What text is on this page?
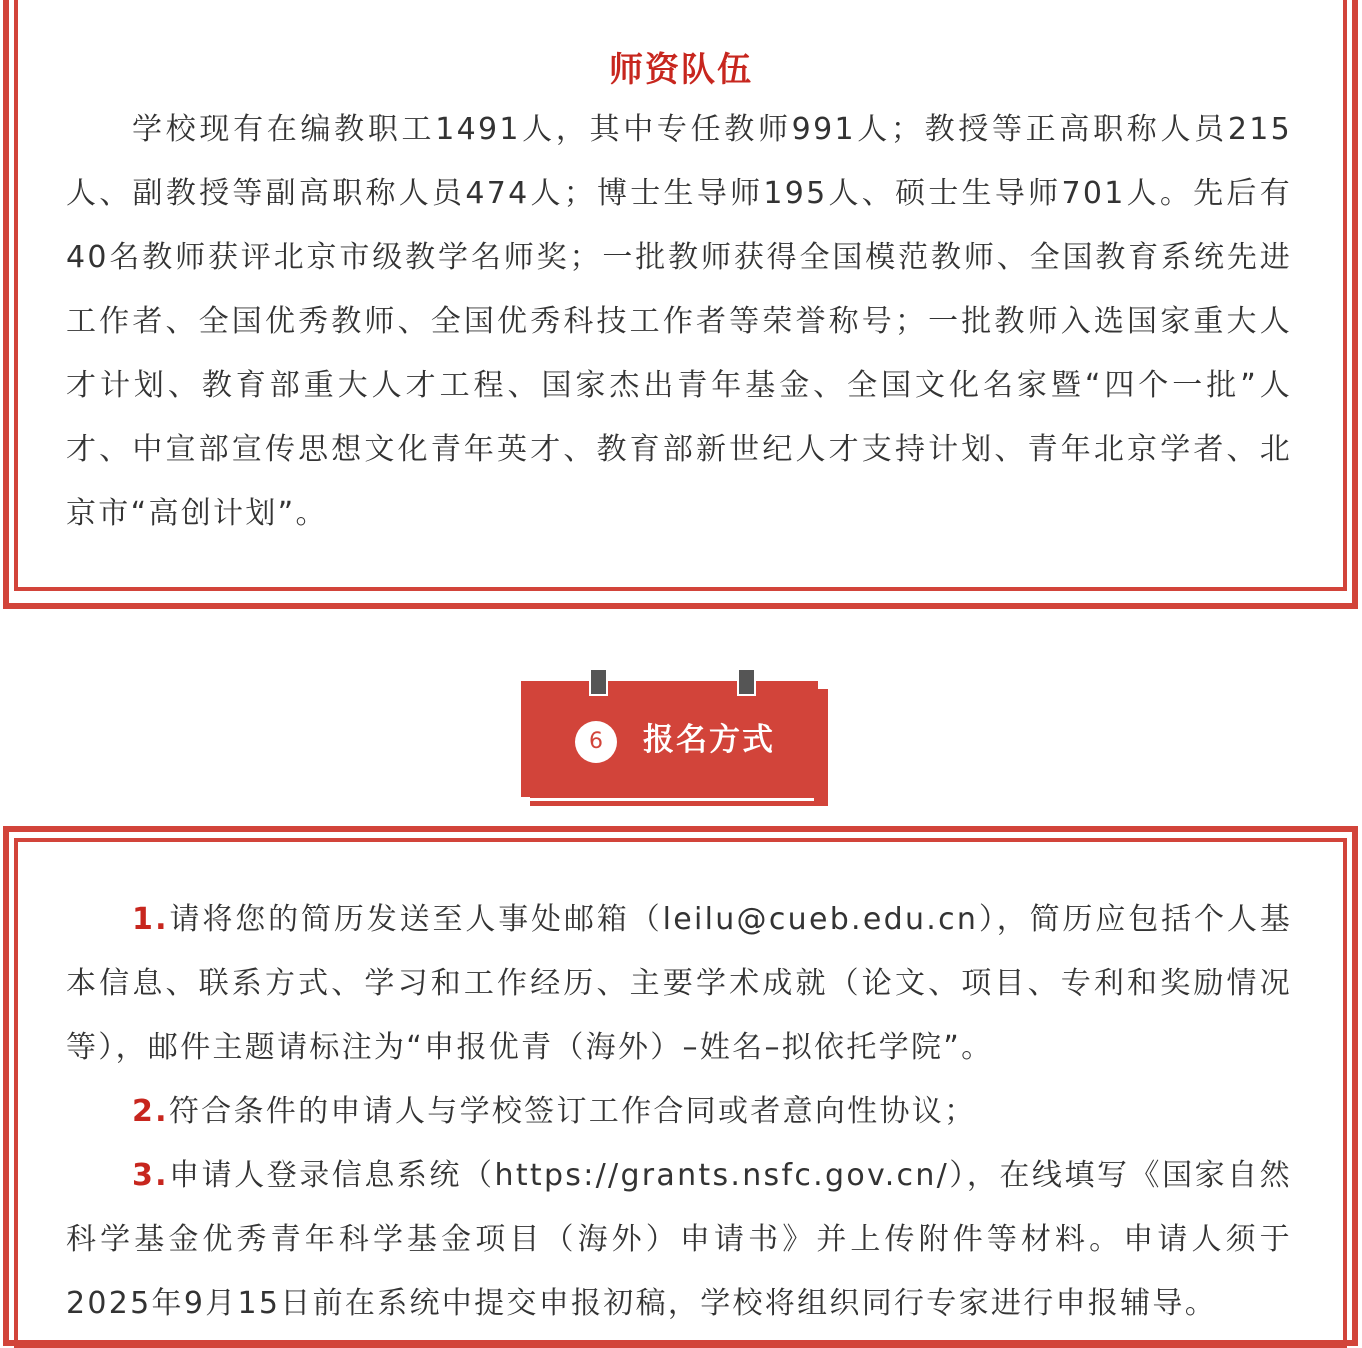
师资队伍

学校现有在编教职工1491人，其中专任教师991人；教授等正高职称人员215人、副教授等副高职称人员474人；博士生导师195人、硕士生导师701人。先后有40名教师获评北京市级教学名师奖；一批教师获得全国模范教师、全国教育系统先进工作者、全国优秀教师、全国优秀科技工作者等荣誉称号；一批教师入选国家重大人才计划、教育部重大人才工程、国家杰出青年基金、全国文化名家暨“四个一批”人才、中宣部宣传思想文化青年英才、教育部新世纪人才支持计划、青年北京学者、北京市“高创计划”。

6	报名方式

1.请将您的简历发送至人事处邮箱（leilu@cueb.edu.cn），简历应包括个人基本信息、联系方式、学习和工作经历、主要学术成就（论文、项目、专利和奖励情况等），邮件主题请标注为“申报优青（海外）–姓名–拟依托学院”。

2.符合条件的申请人与学校签订工作合同或者意向性协议；

3.申请人登录信息系统（https://grants.nsfc.gov.cn/），在线填写《国家自然科学基金优秀青年科学基金项目（海外）申请书》并上传附件等材料。申请人须于2025年9月15日前在系统中提交申报初稿，学校将组织同行专家进行申报辅导。
